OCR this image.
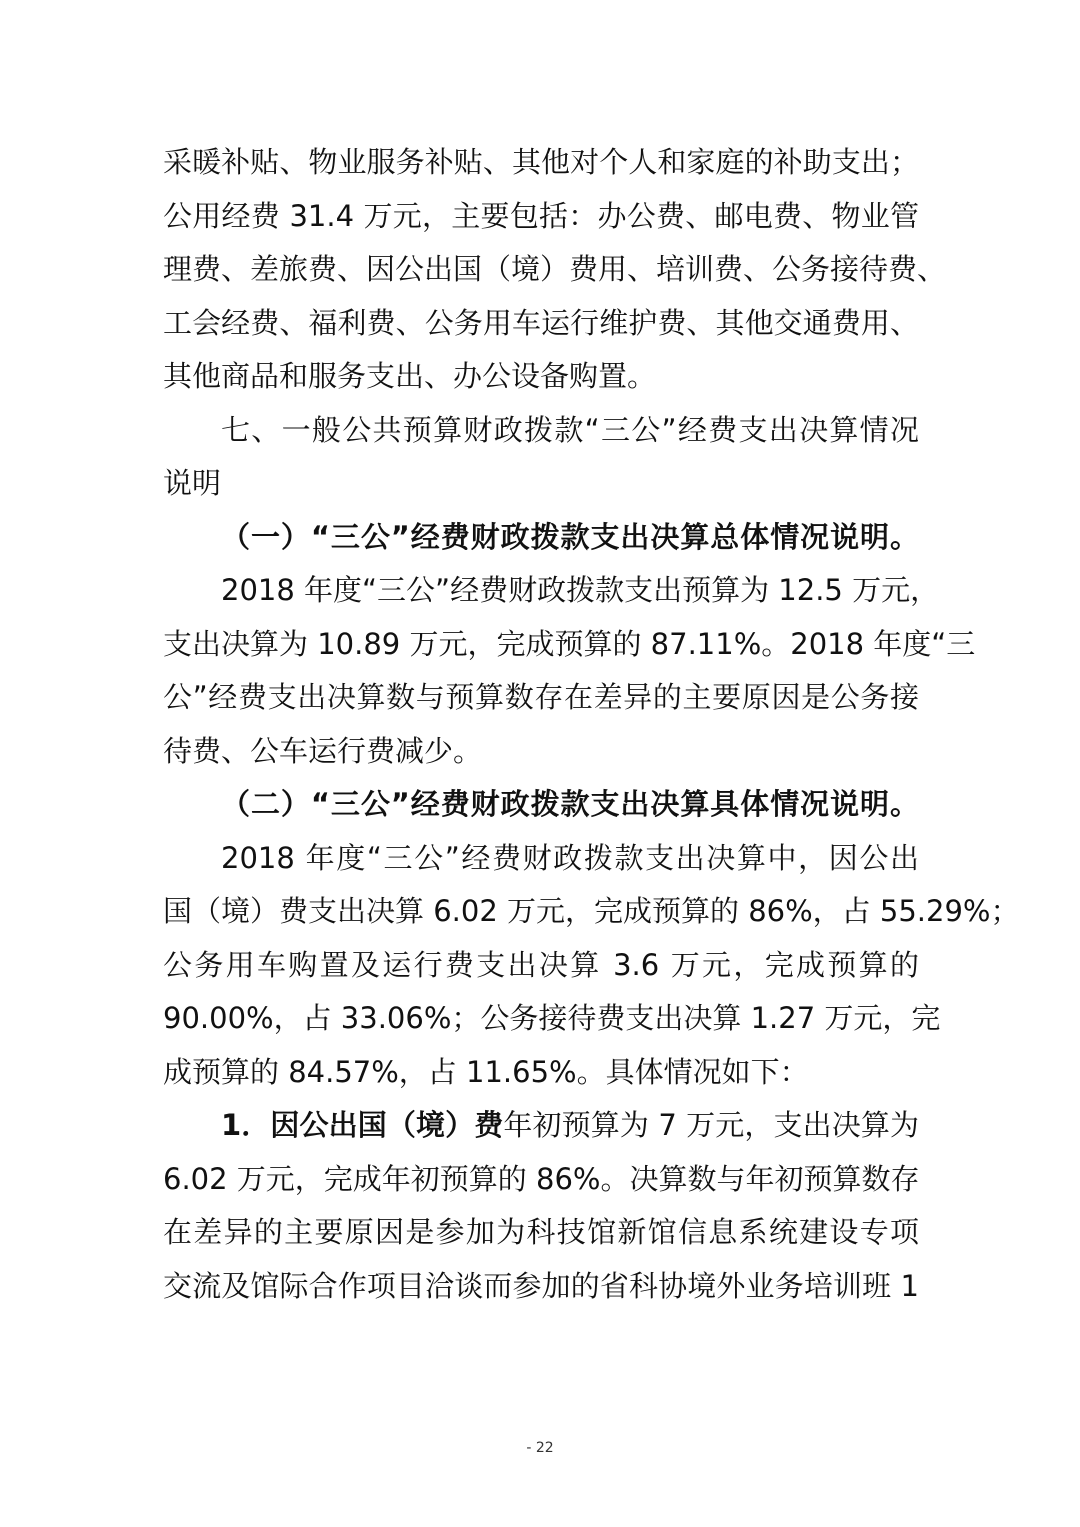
采暖补贴、物业服务补贴、其他对个人和家庭的补助支出；
公用经费 31.4 万元，主要包括：办公费、邮电费、物业管
理费、差旅费、因公出国（境）费用、培训费、公务接待费、
工会经费、福利费、公务用车运行维护费、其他交通费用、
其他商品和服务支出、办公设备购置。
七、一般公共预算财政拨款“三公”经费支出决算情况
说明
（一）“三公”经费财政拨款支出决算总体情况说明。
2018 年度“三公”经费财政拨款支出预算为 12.5 万元，
支出决算为 10.89 万元，完成预算的 87.11%。2018 年度“三
公”经费支出决算数与预算数存在差异的主要原因是公务接
待费、公车运行费减少。
（二）“三公”经费财政拨款支出决算具体情况说明。
2018 年度“三公”经费财政拨款支出决算中，因公出
国（境）费支出决算 6.02 万元，完成预算的 86%，占 55.29%；
公务用车购置及运行费支出决算 3.6 万元，完成预算的
90.00%，占 33.06%；公务接待费支出决算 1.27 万元，完
成预算的 84.57%，占 11.65%。具体情况如下：
1．因公出国（境）费年初预算为 7 万元，支出决算为
6.02 万元，完成年初预算的 86%。决算数与年初预算数存
在差异的主要原因是参加为科技馆新馆信息系统建设专项
交流及馆际合作项目洽谈而参加的省科协境外业务培训班 1
- 22
